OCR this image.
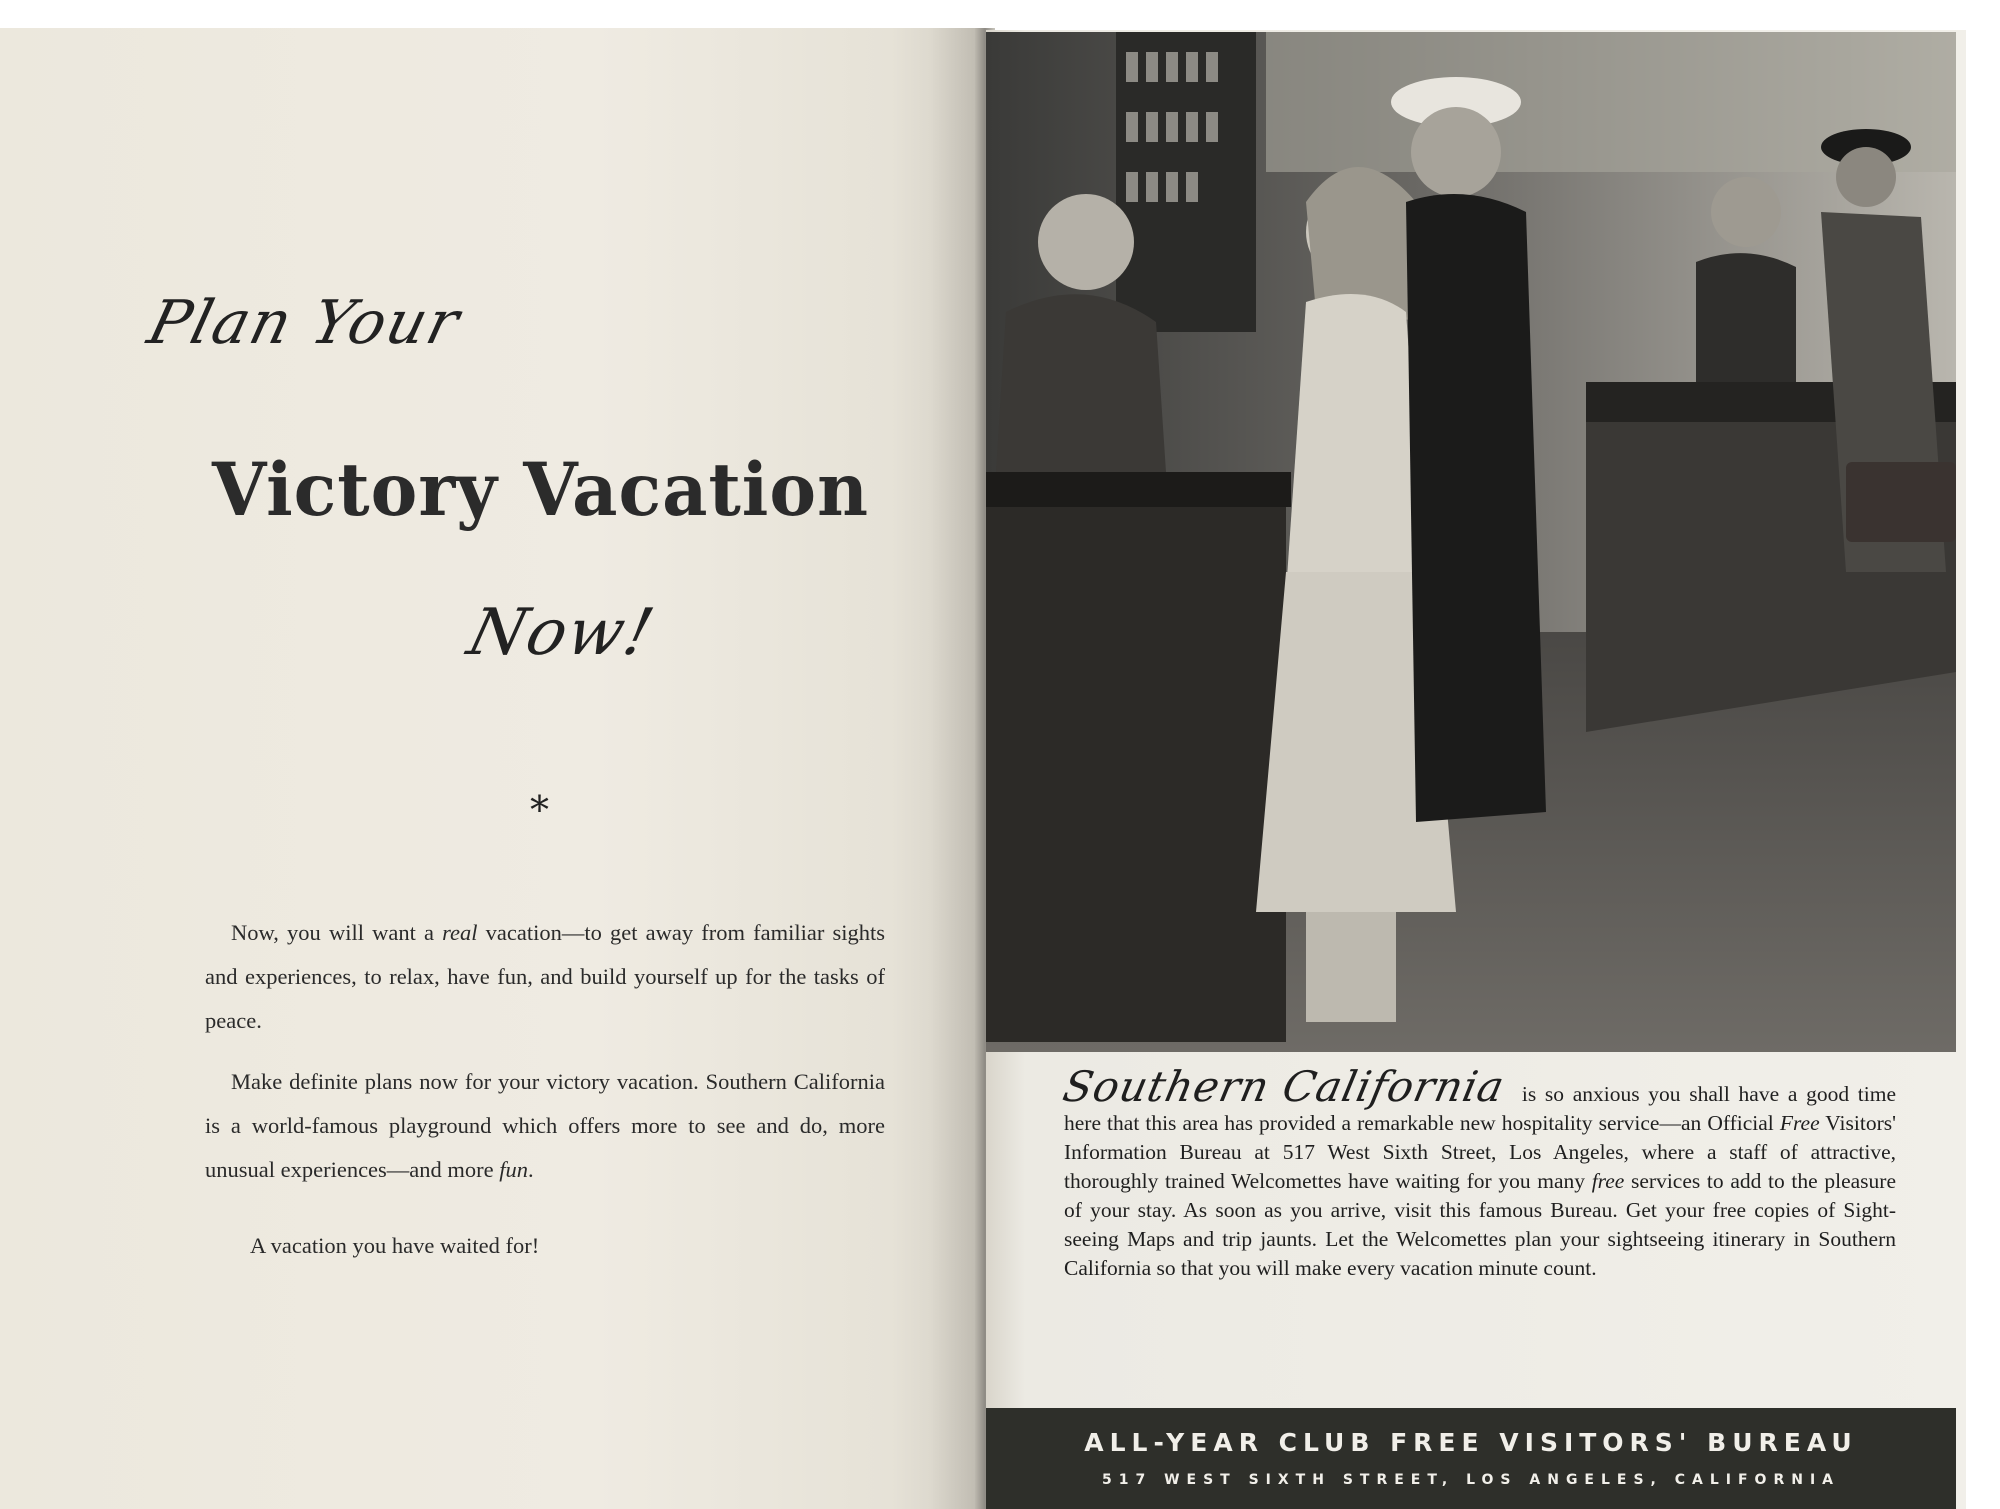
​
Plan Your
Victory Vacation
Now!
*
Now, you will want a real vacation—to get away from familiar sights and experiences, to relax, have fun, and build yourself up for the tasks of peace.
Make definite plans now for your victory vacation. Southern California is a world-famous playground which offers more to see and do, more unusual experiences—and more fun.
A vacation you have waited for!
Southern California is so anxious you shall have a good time here that this area has provided a remarkable new hospitality service—an Official Free Visitors' Information Bureau at 517 West Sixth Street, Los Angeles, where a staff of attractive, thoroughly trained Welcomettes have waiting for you many free services to add to the pleasure of your stay. As soon as you arrive, visit this famous Bureau. Get your free copies of Sight-seeing Maps and trip jaunts. Let the Welcomettes plan your sightseeing itinerary in Southern California so that you will make every vacation minute count.
ALL-YEAR CLUB FREE VISITORS' BUREAU
517 WEST SIXTH STREET, LOS ANGELES, CALIFORNIA
